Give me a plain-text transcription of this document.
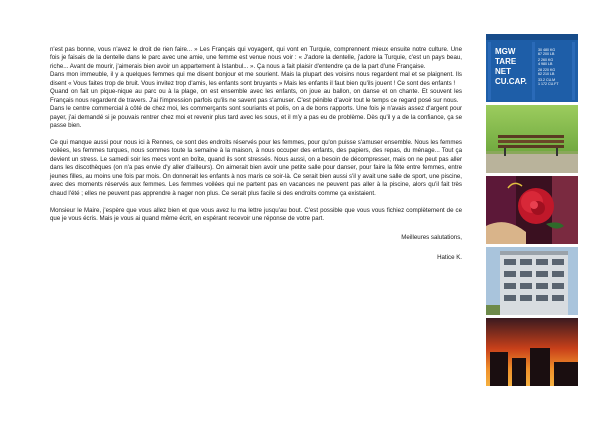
n'est pas bonne, vous n'avez le droit de rien faire... » Les Français qui voyagent, qui vont en Turquie, comprennent mieux ensuite notre culture. Une fois je faisais de la dentelle dans le parc avec une amie, une femme est venue nous voir : « J'adore la dentelle, j'adore la Turquie, c'est un pays beau, riche... Avant de mourir, j'aimerais bien avoir un appartement à Istanbul... ». Ça nous a fait plaisir d'entendre ça de la part d'une Française.

Dans mon immeuble, il y a quelques femmes qui me disent bonjour et me sourient. Mais la plupart des voisins nous regardent mal et se plaignent. Ils disent « Vous faites trop de bruit. Vous invitez trop d'amis, les enfants sont bruyants » Mais les enfants il faut bien qu'ils jouent ! Ce sont des enfants !

Quand on fait un pique-nique au parc ou à la plage, on est ensemble avec les enfants, on joue au ballon, on danse et on chante. Et souvent les Français nous regardent de travers. J'ai l'impression parfois qu'ils ne savent pas s'amuser. C'est pénible d'avoir tout le temps ce regard posé sur nous.

Dans le centre commercial à côté de chez moi, les commerçants sont souriants et polis, on a de bons rapports. Une fois je n'avais assez d'argent pour payer, j'ai demandé si je pouvais rentrer chez moi et revenir plus tard avec les sous, et il m'y a pas eu de problème. Dès qu'il y a de la confiance, ça se passe bien.

Ce qui manque aussi pour nous ici à Rennes, ce sont des endroits réservés pour les femmes, pour qu'on puisse s'amuser ensemble. Nous les femmes voilées, les femmes turques, nous sommes toute la semaine à la maison, à nous occuper des enfants, des papiers, des repas, du ménage... Tout ça devient un stress. Le samedi soir les mecs vont en boîte, quand ils sont stressés. Nous aussi, on a besoin de décompresser, mais on ne peut pas aller dans les discothèques (on n'a pas envie d'y aller d'ailleurs). On aimerait bien avoir une petite salle pour danser, pour faire la fête entre femmes, entre jeunes filles, au moins une fois par mois. On donnerait les enfants à nos maris ce soir-là. Ce serait bien aussi s'il y avait une salle de sport, une piscine, avec des moments réservés aux femmes. Les femmes voilées qui ne partent pas en vacances ne peuvent pas aller à la piscine, alors qu'il fait très chaud l'été ; elles ne peuvent pas apprendre à nager non plus. Ce serait plus facile si des endroits comme ça existaient.

Monsieur le Maire, j'espère que vous allez bien et que vous avez lu ma lettre jusqu'au bout. C'est possible que vous vous fichiez complètement de ce que je vous écris. Mais je vous ai quand même écrit, en espérant recevoir une réponse de votre part.

Meilleures salutations,
Hatice K.
MGW
TARE
NET
CU.CAP.
30 480 KG
67 200 LB
2 260 KG
4 980 LB
28 220 KG
62 210 LB
33.2 CU.M
1 172 CU.FT
